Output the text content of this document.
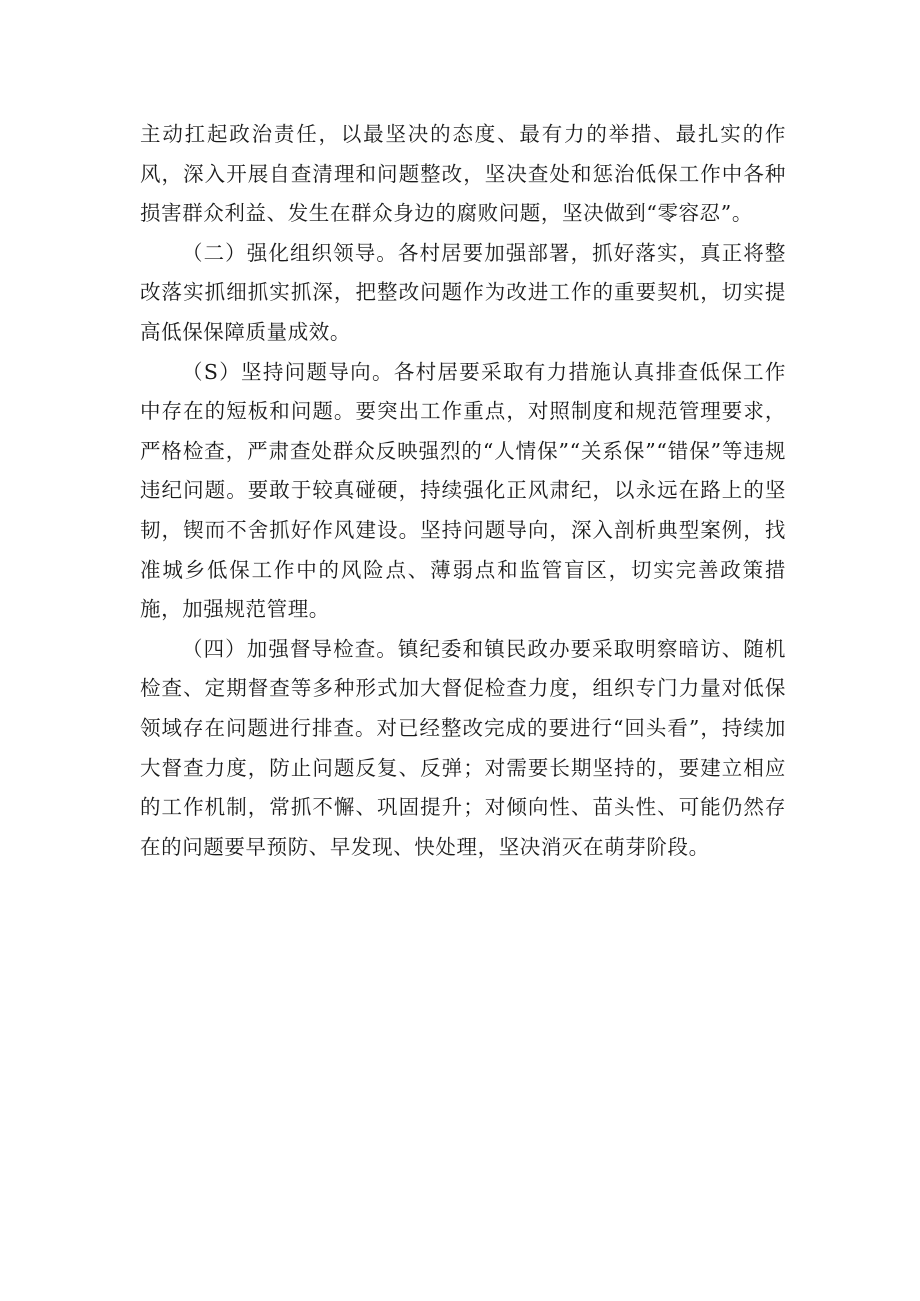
主动扛起政治责任，以最坚决的态度、最有力的举措、最扎实的作风，深入开展自查清理和问题整改，坚决查处和惩治低保工作中各种损害群众利益、发生在群众身边的腐败问题，坚决做到“零容忍”。

（二）强化组织领导。各村居要加强部署，抓好落实，真正将整改落实抓细抓实抓深，把整改问题作为改进工作的重要契机，切实提高低保保障质量成效。

（S）坚持问题导向。各村居要采取有力措施认真排查低保工作中存在的短板和问题。要突出工作重点，对照制度和规范管理要求，严格检查，严肃查处群众反映强烈的“人情保”“关系保”“错保”等违规违纪问题。要敢于较真碰硬，持续强化正风肃纪，以永远在路上的坚韧，锲而不舍抓好作风建设。坚持问题导向，深入剖析典型案例，找准城乡低保工作中的风险点、薄弱点和监管盲区，切实完善政策措施，加强规范管理。

（四）加强督导检查。镇纪委和镇民政办要采取明察暗访、随机检查、定期督查等多种形式加大督促检查力度，组织专门力量对低保领域存在问题进行排查。对已经整改完成的要进行“回头看”，持续加大督查力度，防止问题反复、反弹；对需要长期坚持的，要建立相应的工作机制，常抓不懈、巩固提升；对倾向性、苗头性、可能仍然存在的问题要早预防、早发现、快处理，坚决消灭在萌芽阶段。
